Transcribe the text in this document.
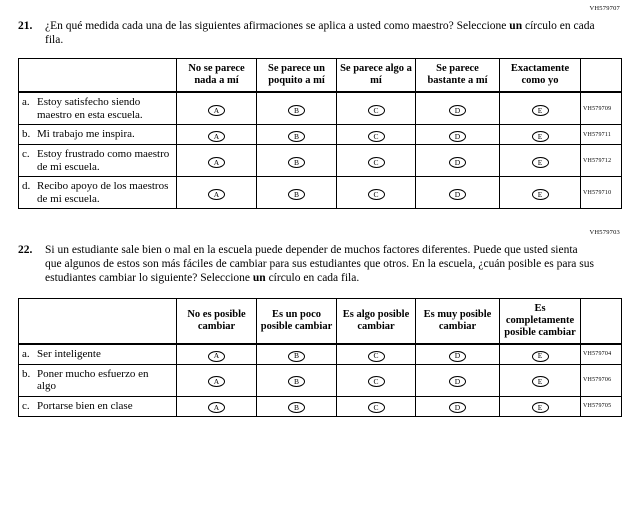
VH579707
21.	¿En qué medida cada una de las siguientes afirmaciones se aplica a usted como maestro? Seleccione un círculo en cada fila.
	No se parece nada a mí	Se parece un poquito a mí	Se parece algo a mí	Se parece bastante a mí	Exactamente como yo	
a. Estoy satisfecho siendo maestro en esta escuela.	A	B	C	D	E	VH579709
b. Mi trabajo me inspira.	A	B	C	D	E	VH579711
c. Estoy frustrado como maestro de mi escuela.	A	B	C	D	E	VH579712
d. Recibo apoyo de los maestros de mi escuela.	A	B	C	D	E	VH579710
VH579703
22.	Si un estudiante sale bien o mal en la escuela puede depender de muchos factores diferentes. Puede que usted sienta que algunos de estos son más fáciles de cambiar para sus estudiantes que otros. En la escuela, ¿cuán posible es para sus estudiantes cambiar lo siguiente? Seleccione un círculo en cada fila.
	No es posible cambiar	Es un poco posible cambiar	Es algo posible cambiar	Es muy posible cambiar	Es completamente posible cambiar	
a. Ser inteligente	A	B	C	D	E	VH579704
b. Poner mucho esfuerzo en algo	A	B	C	D	E	VH579706
c. Portarse bien en clase	A	B	C	D	E	VH579705
